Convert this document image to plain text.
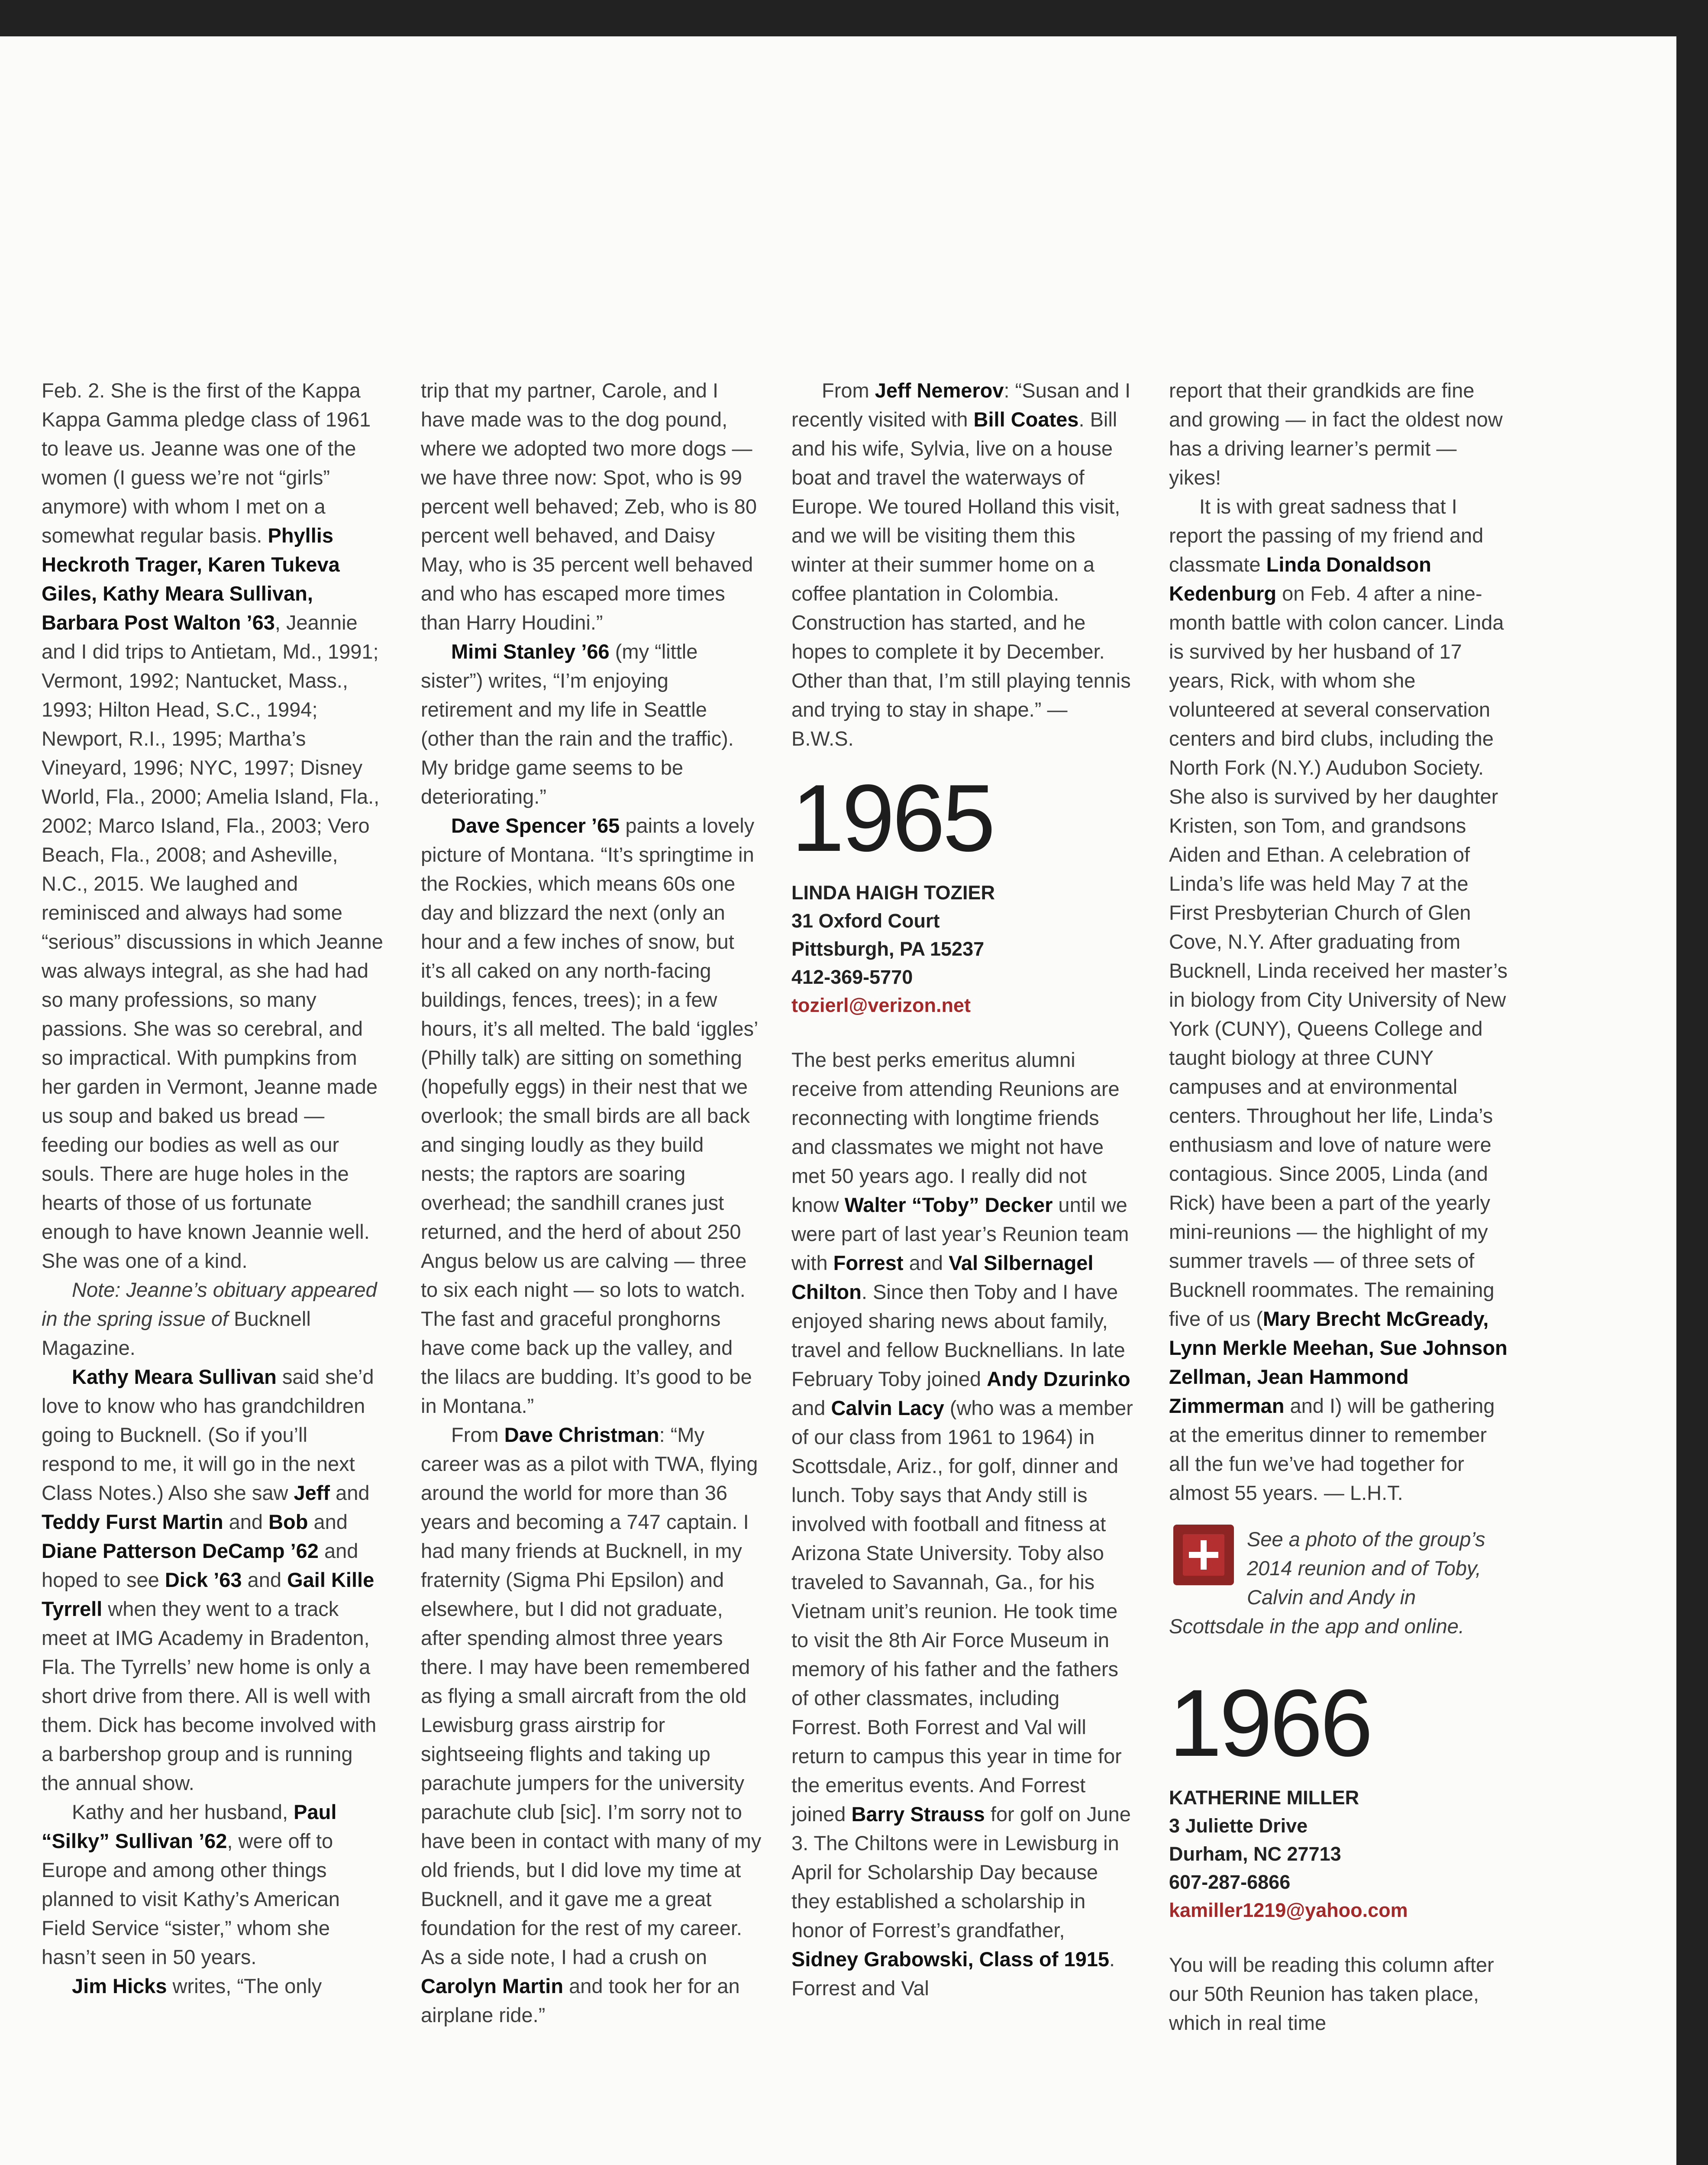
Feb. 2. She is the first of the Kappa Kappa Gamma pledge class of 1961 to leave us. Jeanne was one of the women (I guess we’re not “girls” anymore) with whom I met on a somewhat regular basis. Phyllis Heckroth Trager, Karen Tukeva Giles, Kathy Meara Sullivan, Barbara Post Walton ’63, Jeannie and I did trips to Antietam, Md., 1991; Vermont, 1992; Nantucket, Mass., 1993; Hilton Head, S.C., 1994; Newport, R.I., 1995; Martha’s Vineyard, 1996; NYC, 1997; Disney World, Fla., 2000; Amelia Island, Fla., 2002; Marco Island, Fla., 2003; Vero Beach, Fla., 2008; and Asheville, N.C., 2015. We laughed and reminisced and always had some “serious” discussions in which Jeanne was always integral, as she had had so many professions, so many passions. She was so cerebral, and so impractical. With pumpkins from her garden in Vermont, Jeanne made us soup and baked us bread — feeding our bodies as well as our souls. There are huge holes in the hearts of those of us fortunate enough to have known Jeannie well. She was one of a kind.

Note: Jeanne’s obituary appeared in the spring issue of Bucknell Magazine.

Kathy Meara Sullivan said she’d love to know who has grandchildren going to Bucknell. (So if you’ll respond to me, it will go in the next Class Notes.) Also she saw Jeff and Teddy Furst Martin and Bob and Diane Patterson DeCamp ’62 and hoped to see Dick ’63 and Gail Kille Tyrrell when they went to a track meet at IMG Academy in Bradenton, Fla. The Tyrrells’ new home is only a short drive from there. All is well with them. Dick has become involved with a barbershop group and is running the annual show.

Kathy and her husband, Paul “Silky” Sullivan ’62, were off to Europe and among other things planned to visit Kathy’s American Field Service “sister,” whom she hasn’t seen in 50 years.

Jim Hicks writes, “The only

trip that my partner, Carole, and I have made was to the dog pound, where we adopted two more dogs — we have three now: Spot, who is 99 percent well behaved; Zeb, who is 80 percent well behaved, and Daisy May, who is 35 percent well behaved and who has escaped more times than Harry Houdini.”

Mimi Stanley ’66 (my “little sister”) writes, “I’m enjoying retirement and my life in Seattle (other than the rain and the traffic). My bridge game seems to be deteriorating.”

Dave Spencer ’65 paints a lovely picture of Montana. “It’s springtime in the Rockies, which means 60s one day and blizzard the next (only an hour and a few inches of snow, but it’s all caked on any north-facing buildings, fences, trees); in a few hours, it’s all melted. The bald ‘iggles’ (Philly talk) are sitting on something (hopefully eggs) in their nest that we overlook; the small birds are all back and singing loudly as they build nests; the raptors are soaring overhead; the sandhill cranes just returned, and the herd of about 250 Angus below us are calving — three to six each night — so lots to watch. The fast and graceful pronghorns have come back up the valley, and the lilacs are budding. It’s good to be in Montana.”

From Dave Christman: “My career was as a pilot with TWA, flying around the world for more than 36 years and becoming a 747 captain. I had many friends at Bucknell, in my fraternity (Sigma Phi Epsilon) and elsewhere, but I did not graduate, after spending almost three years there. I may have been remembered as flying a small aircraft from the old Lewisburg grass airstrip for sightseeing flights and taking up parachute jumpers for the university parachute club [sic]. I’m sorry not to have been in contact with many of my old friends, but I did love my time at Bucknell, and it gave me a great foundation for the rest of my career. As a side note, I had a crush on Carolyn Martin and took her for an airplane ride.”

From Jeff Nemerov: “Susan and I recently visited with Bill Coates. Bill and his wife, Sylvia, live on a house boat and travel the waterways of Europe. We toured Holland this visit, and we will be visiting them this winter at their summer home on a coffee plantation in Colombia. Construction has started, and he hopes to complete it by December. Other than that, I’m still playing tennis and trying to stay in shape.” — B.W.S.

1965
LINDA HAIGH TOZIER
31 Oxford Court
Pittsburgh, PA 15237
412-369-5770
tozierl@verizon.net

The best perks emeritus alumni receive from attending Reunions are reconnecting with longtime friends and classmates we might not have met 50 years ago. I really did not know Walter “Toby” Decker until we were part of last year’s Reunion team with Forrest and Val Silbernagel Chilton. Since then Toby and I have enjoyed sharing news about family, travel and fellow Bucknellians. In late February Toby joined Andy Dzurinko and Calvin Lacy (who was a member of our class from 1961 to 1964) in Scottsdale, Ariz., for golf, dinner and lunch. Toby says that Andy still is involved with football and fitness at Arizona State University. Toby also traveled to Savannah, Ga., for his Vietnam unit’s reunion. He took time to visit the 8th Air Force Museum in memory of his father and the fathers of other classmates, including Forrest. Both Forrest and Val will return to campus this year in time for the emeritus events. And Forrest joined Barry Strauss for golf on June 3. The Chiltons were in Lewisburg in April for Scholarship Day because they established a scholarship in honor of Forrest’s grandfather, Sidney Grabowski, Class of 1915. Forrest and Val

report that their grandkids are fine and growing — in fact the oldest now has a driving learner’s permit — yikes!

It is with great sadness that I report the passing of my friend and classmate Linda Donaldson Kedenburg on Feb. 4 after a nine-month battle with colon cancer. Linda is survived by her husband of 17 years, Rick, with whom she volunteered at several conservation centers and bird clubs, including the North Fork (N.Y.) Audubon Society. She also is survived by her daughter Kristen, son Tom, and grandsons Aiden and Ethan. A celebration of Linda’s life was held May 7 at the First Presbyterian Church of Glen Cove, N.Y. After graduating from Bucknell, Linda received her master’s in biology from City University of New York (CUNY), Queens College and taught biology at three CUNY campuses and at environmental centers. Throughout her life, Linda’s enthusiasm and love of nature were contagious. Since 2005, Linda (and Rick) have been a part of the yearly mini-reunions — the highlight of my summer travels — of three sets of Bucknell roommates. The remaining five of us (Mary Brecht McGready, Lynn Merkle Meehan, Sue Johnson Zellman, Jean Hammond Zimmerman and I) will be gathering at the emeritus dinner to remember all the fun we’ve had together for almost 55 years. — L.H.T.

See a photo of the group’s 2014 reunion and of Toby, Calvin and Andy in Scottsdale in the app and online.

1966
KATHERINE MILLER
3 Juliette Drive
Durham, NC 27713
607-287-6866
kamiller1219@yahoo.com

You will be reading this column after our 50th Reunion has taken place, which in real time
